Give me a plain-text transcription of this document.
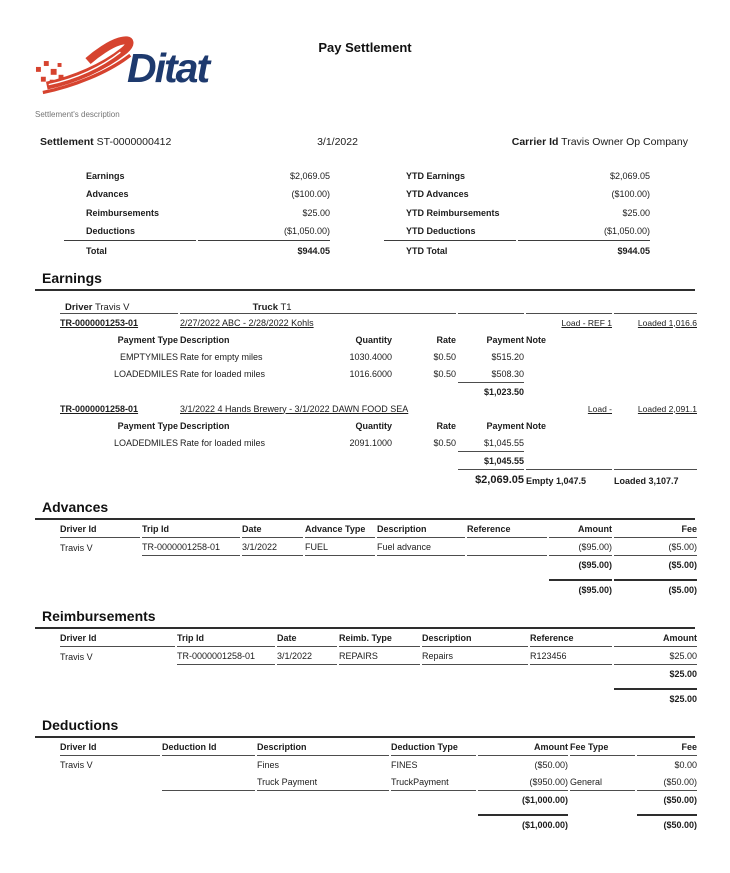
Ditat	Pay Settlement
Settlement's description
Settlement ST-0000000412	3/1/2022	Carrier Id Travis Owner Op Company
Earnings	$2,069.05
Advances	($100.00)
Reimbursements	$25.00
Deductions	($1,050.00)
Total	$944.05
YTD Earnings	$2,069.05
YTD Advances	($100.00)
YTD Reimbursements	$25.00
YTD Deductions	($1,050.00)
YTD Total	$944.05
Earnings
Driver Travis V	Truck T1
TR-0000001253-01	2/27/2022 ABC - 2/28/2022 Kohls				Load - REF 1		Loaded 1,016.6
Payment Type	Description	Quantity	Rate	Payment	Note		
EMPTYMILES	Rate for empty miles	1030.4000	$0.50	$515.20			
LOADEDMILES	Rate for loaded miles	1016.6000	$0.50	$508.30			
				$1,023.50			
TR-0000001258-01	3/1/2022 4 Hands Brewery - 3/1/2022 DAWN FOOD SEA				Load -		Loaded 2,091.1
Payment Type	Description	Quantity	Rate	Payment	Note		
LOADEDMILES	Rate for loaded miles	2091.1000	$0.50	$1,045.55			
				$1,045.55			
				$2,069.05	Empty 1,047.5		Loaded 3,107.7
Advances
Driver Id	Trip Id	Date	Advance Type	Description	Reference	Amount	Fee
Travis V	TR-0000001258-01	3/1/2022	FUEL	Fuel advance		($95.00)	($5.00)
						($95.00)	($5.00)

						($95.00)	($5.00)
Reimbursements
Driver Id	Trip Id	Date	Reimb. Type	Description	Reference	Amount
Travis V	TR-0000001258-01	3/1/2022	REPAIRS	Repairs	R123456	$25.00
						$25.00

						$25.00
Deductions
Driver Id	Deduction Id	Description	Deduction Type	Amount	Fee Type	Fee
Travis V		Fines	FINES	($50.00)		$0.00
		Truck Payment	TruckPayment	($950.00)	General	($50.00)
				($1,000.00)		($50.00)

				($1,000.00)		($50.00)
